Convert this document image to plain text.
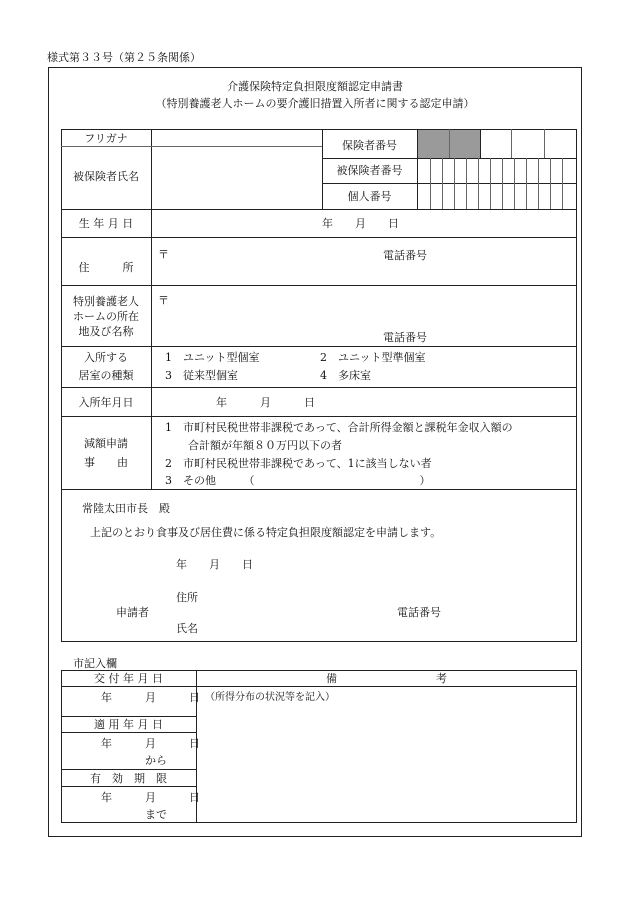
様式第３３号（第２５条関係）
介護保険特定負担限度額認定申請書
（特別養護老人ホームの要介護旧措置入所者に関する認定申請）
フリガナ
被保険者氏名
保険者番号
被保険者番号
個人番号
生 年 月 日	年　　月　　日
住　　　所
〒	電話番号
特別養護老人
ホームの所在
地及び名称
〒
電話番号
入所する
居室の種類
1　ユニット型個室	2　ユニット型準個室
3　従来型個室	4　多床室
入所年月日	年　　　月　　　日
減額申請
事　　由
1　市町村民税世帯非課税であって、合計所得金額と課税年金収入額の
合計額が年額８０万円以下の者
2　市町村民税世帯非課税であって、1に該当しない者
3　その他　　　（　　　　　　　　　　　　　　　）
常陸太田市長　殿
上記のとおり食事及び居住費に係る特定負担限度額認定を申請します。
年　　月　　日
住所
申請者
氏名
電話番号
市記入欄
交 付 年 月 日	備　　　　　　　　　考
年　　　月　　　日 （所得分布の状況等を記入）
適 用 年 月 日
年　　　月　　　日
から
有　効　期　限
年　　　月　　　日
まで
